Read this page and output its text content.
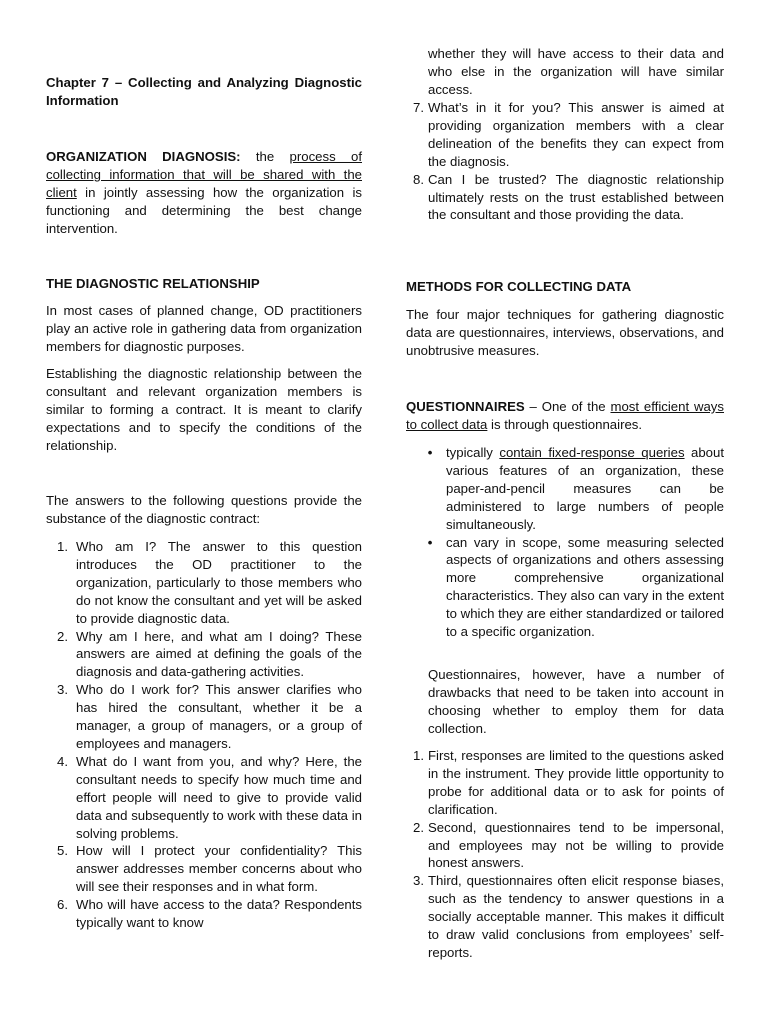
Chapter 7 – Collecting and Analyzing Diagnostic Information

ORGANIZATION DIAGNOSIS: the process of collecting information that will be shared with the client in jointly assessing how the organization is functioning and determining the best change intervention.

THE DIAGNOSTIC RELATIONSHIP

In most cases of planned change, OD practitioners play an active role in gathering data from organization members for diagnostic purposes.

Establishing the diagnostic relationship between the consultant and relevant organization members is similar to forming a contract. It is meant to clarify expectations and to specify the conditions of the relationship.

The answers to the following questions provide the substance of the diagnostic contract:

1. Who am I? The answer to this question introduces the OD practitioner to the organization, particularly to those members who do not know the consultant and yet will be asked to provide diagnostic data.
2. Why am I here, and what am I doing? These answers are aimed at defining the goals of the diagnosis and data-gathering activities.
3. Who do I work for? This answer clarifies who has hired the consultant, whether it be a manager, a group of managers, or a group of employees and managers.
4. What do I want from you, and why? Here, the consultant needs to specify how much time and effort people will need to give to provide valid data and subsequently to work with these data in solving problems.
5. How will I protect your confidentiality? This answer addresses member concerns about who will see their responses and in what form.
6. Who will have access to the data? Respondents typically want to know

whether they will have access to their data and who else in the organization will have similar access.

7. What’s in it for you? This answer is aimed at providing organization members with a clear delineation of the benefits they can expect from the diagnosis.
8. Can I be trusted? The diagnostic relationship ultimately rests on the trust established between the consultant and those providing the data.

METHODS FOR COLLECTING DATA

The four major techniques for gathering diagnostic data are questionnaires, interviews, observations, and unobtrusive measures.

QUESTIONNAIRES – One of the most efficient ways to collect data is through questionnaires.

• typically contain fixed-response queries about various features of an organization, these paper-and-pencil measures can be administered to large numbers of people simultaneously.
• can vary in scope, some measuring selected aspects of organizations and others assessing more comprehensive organizational characteristics. They also can vary in the extent to which they are either standardized or tailored to a specific organization.

Questionnaires, however, have a number of drawbacks that need to be taken into account in choosing whether to employ them for data collection.

1. First, responses are limited to the questions asked in the instrument. They provide little opportunity to probe for additional data or to ask for points of clarification.
2. Second, questionnaires tend to be impersonal, and employees may not be willing to provide honest answers.
3. Third, questionnaires often elicit response biases, such as the tendency to answer questions in a socially acceptable manner. This makes it difficult to draw valid conclusions from employees’ self-reports.
